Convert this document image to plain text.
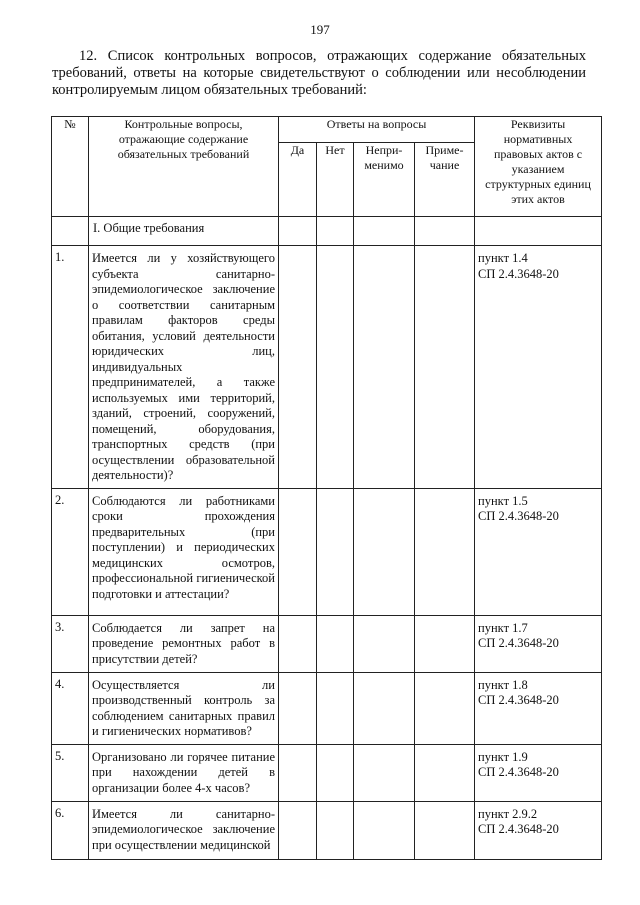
197
12. Список контрольных вопросов, отражающих содержание обязательных требований, ответы на которые свидетельствуют о соблюдении или несоблюдении контролируемым лицом обязательных требований:
№	Контрольные вопросы, отражающие содержание обязательных требований	Ответы на вопросы				Реквизиты нормативных правовых актов с указанием структурных единиц этих актов
		Да	Нет	Непри-менимо	Приме-чание	
	I. Общие требования					
1.	Имеется ли у хозяйствующего субъекта санитарно-эпидемиологическое заключение о соответствии санитарным правилам факторов среды обитания, условий деятельности юридических лиц, индивидуальных предпринимателей, а также используемых ими территорий, зданий, строений, сооружений, помещений, оборудования, транспортных средств (при осуществлении образовательной деятельности)?					пункт 1.4
СП 2.4.3648-20

2.	Соблюдаются ли работниками сроки прохождения предварительных (при поступлении) и периодических медицинских осмотров, профессиональной гигиенической подготовки и аттестации?					пункт 1.5
СП 2.4.3648-20

3.	Соблюдается ли запрет на проведение ремонтных работ в присутствии детей?					пункт 1.7
СП 2.4.3648-20

4.	Осуществляется ли производственный контроль за соблюдением санитарных правил и гигиенических нормативов?					пункт 1.8
СП 2.4.3648-20

5.	Организовано ли горячее питание при нахождении детей в организации более 4-х часов?					пункт 1.9
СП 2.4.3648-20

6.	Имеется ли санитарно-эпидемиологическое заключение при осуществлении медицинской					пункт 2.9.2
СП 2.4.3648-20
